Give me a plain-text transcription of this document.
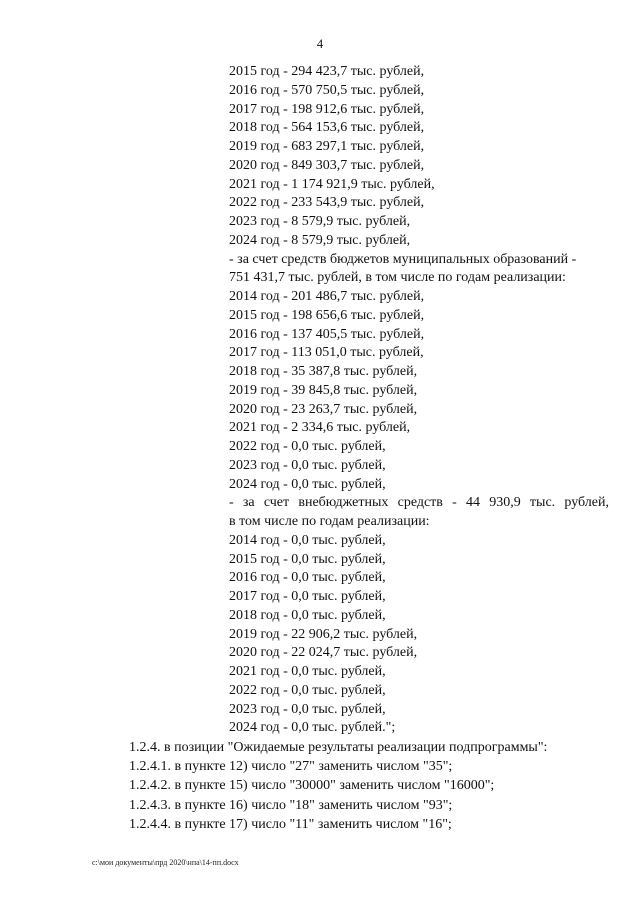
4
2015 год - 294 423,7 тыс. рублей,
2016 год - 570 750,5 тыс. рублей,
2017 год - 198 912,6 тыс. рублей,
2018 год - 564 153,6 тыс. рублей,
2019 год - 683 297,1 тыс. рублей,
2020 год - 849 303,7 тыс. рублей,
2021 год - 1 174 921,9 тыс. рублей,
2022 год - 233 543,9 тыс. рублей,
2023 год - 8 579,9 тыс. рублей,
2024 год - 8 579,9 тыс. рублей,
- за счет средств бюджетов муниципальных образований -
751 431,7 тыс. рублей, в том числе по годам реализации:
2014 год - 201 486,7 тыс. рублей,
2015 год - 198 656,6 тыс. рублей,
2016 год - 137 405,5 тыс. рублей,
2017 год - 113 051,0 тыс. рублей,
2018 год - 35 387,8 тыс. рублей,
2019 год - 39 845,8 тыс. рублей,
2020 год - 23 263,7 тыс. рублей,
2021 год - 2 334,6 тыс. рублей,
2022 год - 0,0 тыс. рублей,
2023 год - 0,0 тыс. рублей,
2024 год - 0,0 тыс. рублей,
- за счет внебюджетных средств - 44 930,9 тыс. рублей,
в том числе по годам реализации:
2014 год - 0,0 тыс. рублей,
2015 год - 0,0 тыс. рублей,
2016 год - 0,0 тыс. рублей,
2017 год - 0,0 тыс. рублей,
2018 год - 0,0 тыс. рублей,
2019 год - 22 906,2 тыс. рублей,
2020 год - 22 024,7 тыс. рублей,
2021 год - 0,0 тыс. рублей,
2022 год - 0,0 тыс. рублей,
2023 год - 0,0 тыс. рублей,
2024 год - 0,0 тыс. рублей.";
1.2.4. в позиции "Ожидаемые результаты реализации подпрограммы":
1.2.4.1. в пункте 12) число "27" заменить числом "35";
1.2.4.2. в пункте 15) число "30000" заменить числом "16000";
1.2.4.3. в пункте 16) число "18" заменить числом "93";
1.2.4.4. в пункте 17) число "11" заменить числом "16";
c:\мои документы\прд 2020\нпа\14-пп.docx
